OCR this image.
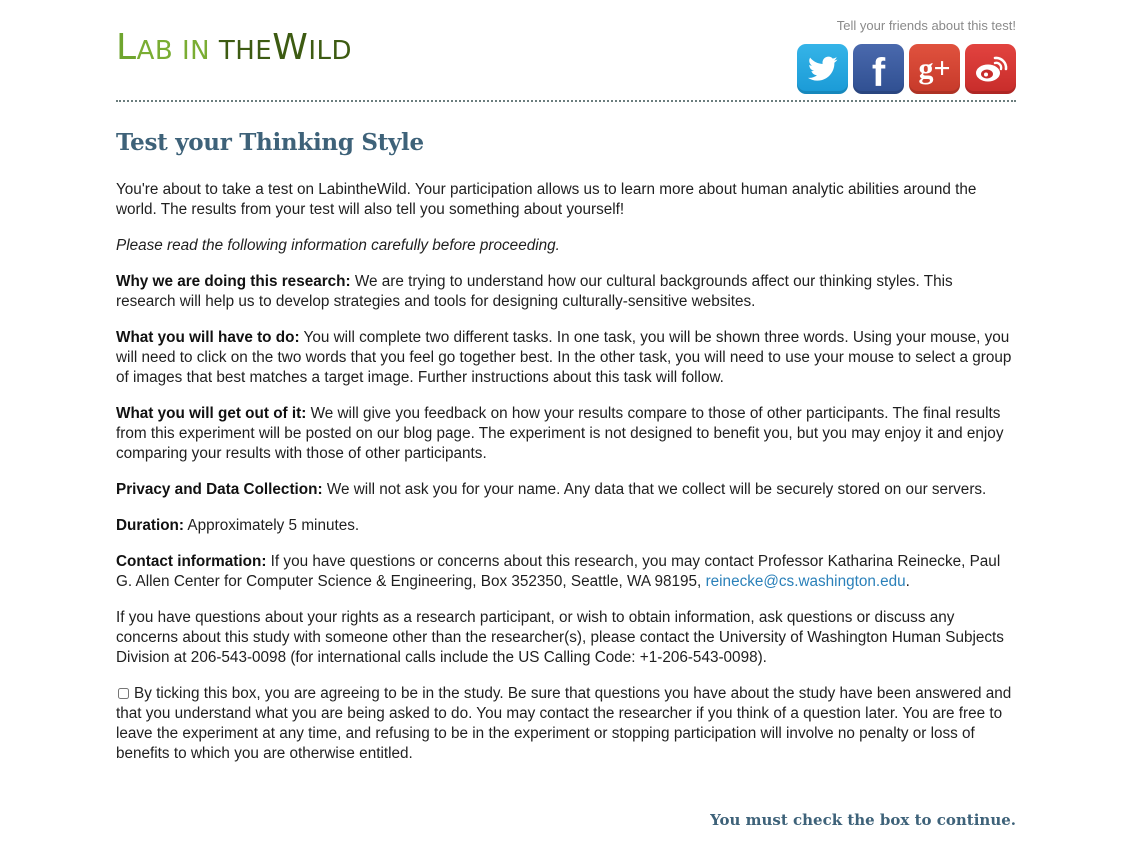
LAB IN THEWILD
Tell your friends about this test!
f g+
Test your Thinking Style

You're about to take a test on LabintheWild. Your participation allows us to learn more about human analytic abilities around the world. The results from your test will also tell you something about yourself!

Please read the following information carefully before proceeding.

Why we are doing this research: We are trying to understand how our cultural backgrounds affect our thinking styles. This research will help us to develop strategies and tools for designing culturally-sensitive websites.

What you will have to do: You will complete two different tasks. In one task, you will be shown three words. Using your mouse, you will need to click on the two words that you feel go together best. In the other task, you will need to use your mouse to select a group of images that best matches a target image. Further instructions about this task will follow.

What you will get out of it: We will give you feedback on how your results compare to those of other participants. The final results from this experiment will be posted on our blog page. The experiment is not designed to benefit you, but you may enjoy it and enjoy comparing your results with those of other participants.

Privacy and Data Collection: We will not ask you for your name. Any data that we collect will be securely stored on our servers.

Duration: Approximately 5 minutes.

Contact information: If you have questions or concerns about this research, you may contact Professor Katharina Reinecke, Paul G. Allen Center for Computer Science & Engineering, Box 352350, Seattle, WA 98195, reinecke@cs.washington.edu.

If you have questions about your rights as a research participant, or wish to obtain information, ask questions or discuss any concerns about this study with someone other than the researcher(s), please contact the University of Washington Human Subjects Division at 206-543-0098 (for international calls include the US Calling Code: +1-206-543-0098).

By ticking this box, you are agreeing to be in the study. Be sure that questions you have about the study have been answered and that you understand what you are being asked to do. You may contact the researcher if you think of a question later. You are free to leave the experiment at any time, and refusing to be in the experiment or stopping participation will involve no penalty or loss of benefits to which you are otherwise entitled.
You must check the box to continue.
